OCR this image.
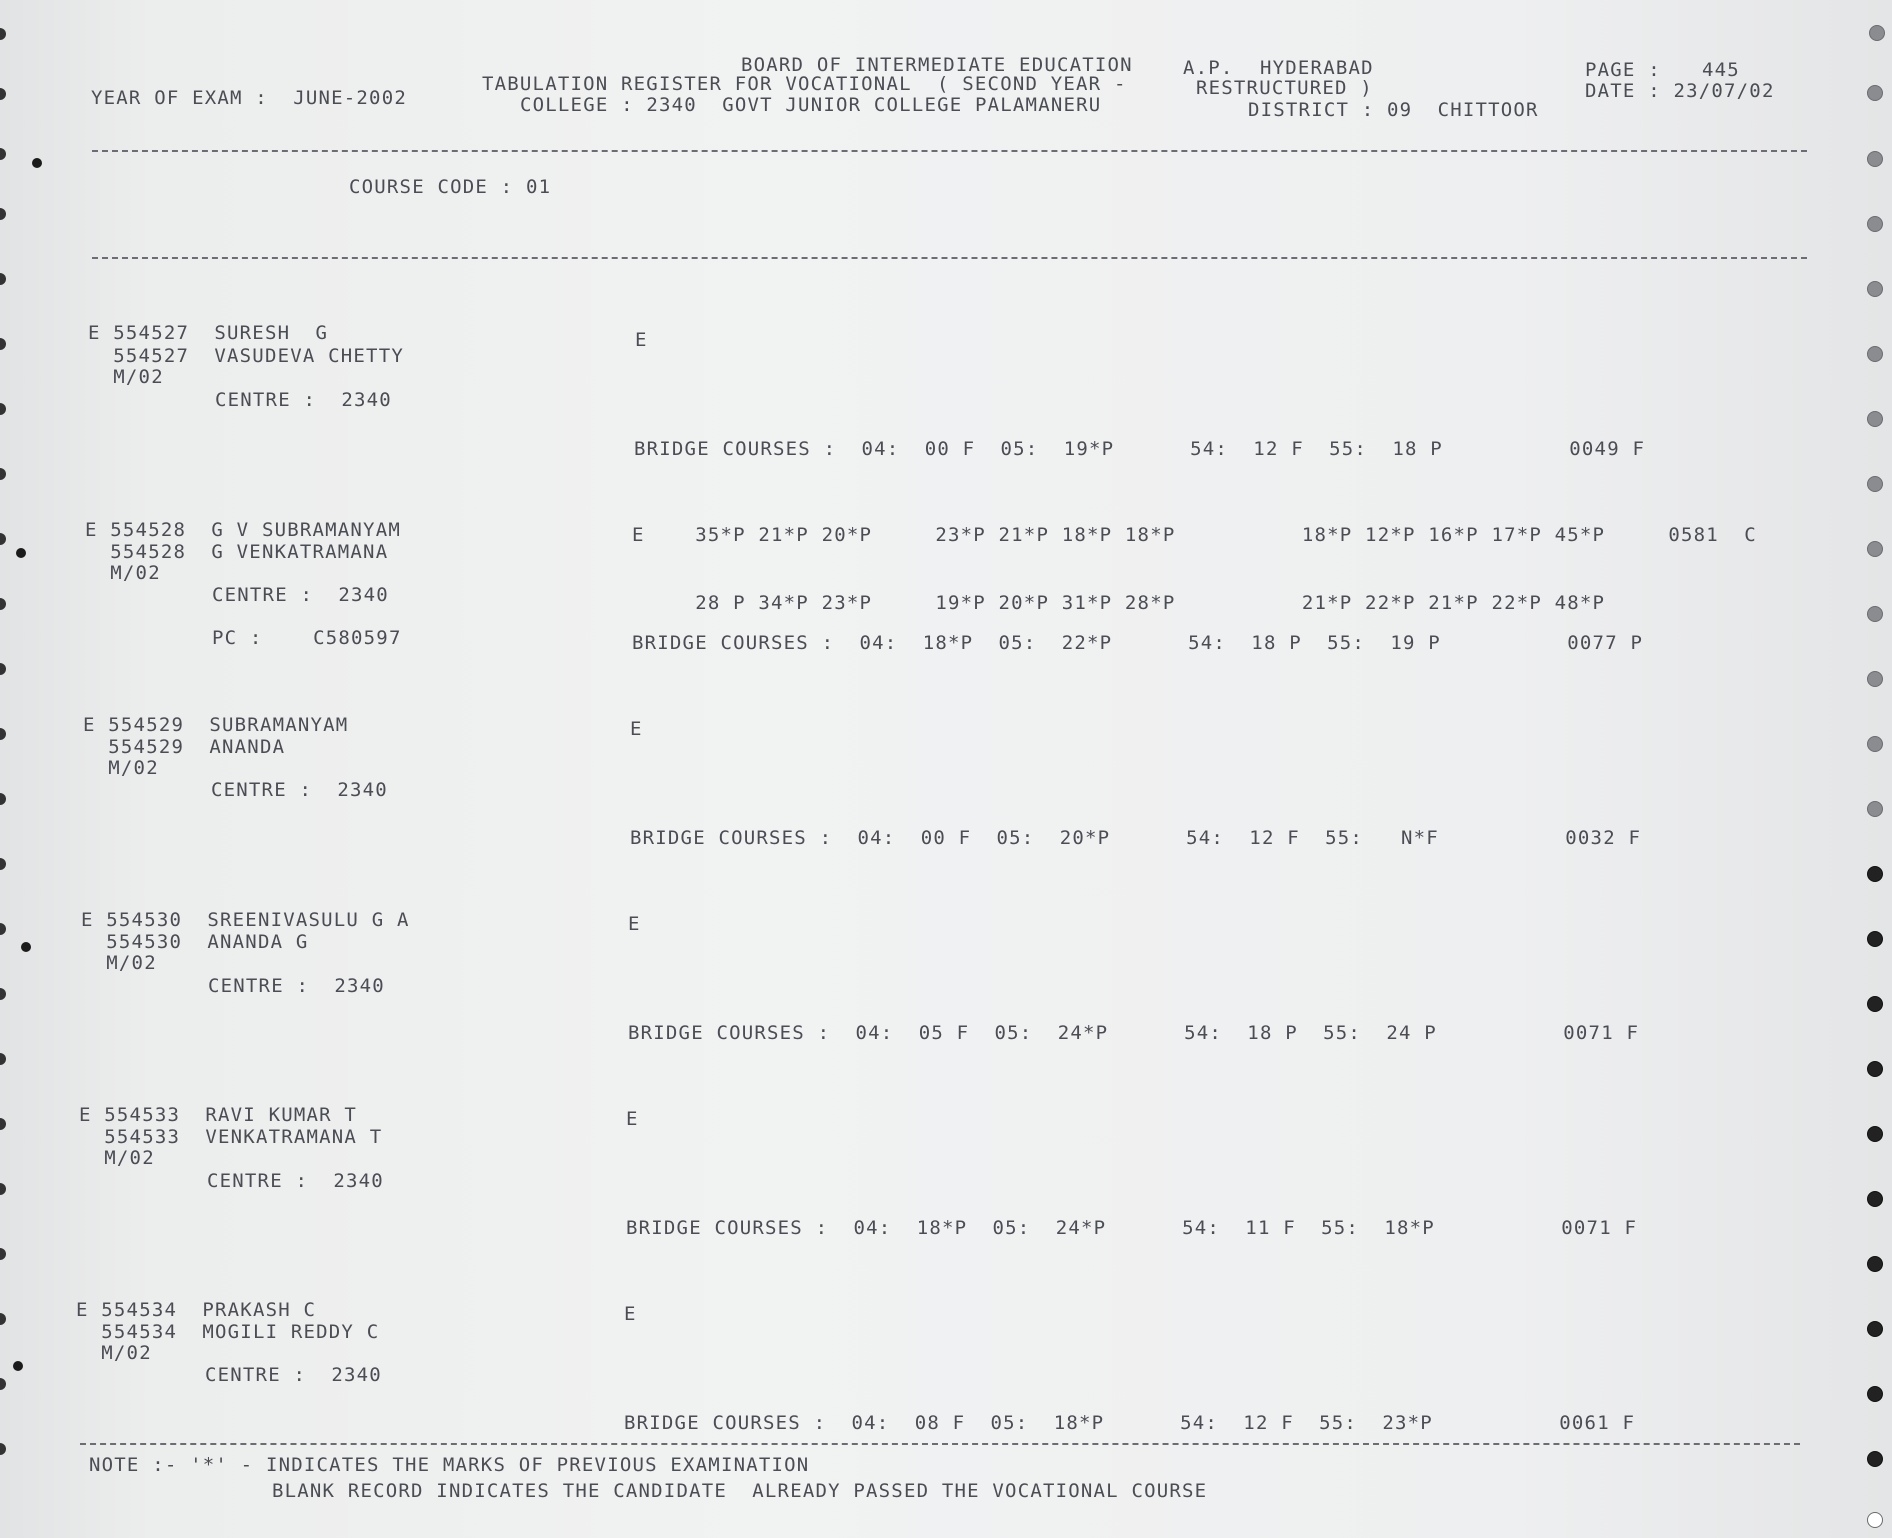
BOARD OF INTERMEDIATE EDUCATION	A.P. HYDERABAD
TABULATION REGISTER FOR VOCATIONAL  ( SECOND YEAR -	RESTRUCTURED )
YEAR OF EXAM :  JUNE-2002	COLLEGE : 2340  GOVT JUNIOR COLLEGE PALAMANERU	DISTRICT : 09  CHITTOOR
PAGE : 445
DATE : 23/07/02
COURSE CODE : 01
E 554527  SURESH  G
554527  VASUDEVA CHETTY
M/02
CENTRE :  2340
E
BRIDGE COURSES :  04:  00 F  05:  19*P      54:  12 F  55:  18 P          0049 F
E 554528  G V SUBRAMANYAM
554528  G VENKATRAMANA
M/02
CENTRE :  2340
PC :    C580597
E    35*P 21*P 20*P     23*P 21*P 18*P 18*P          18*P 12*P 16*P 17*P 45*P     0581  C
28 P 34*P 23*P     19*P 20*P 31*P 28*P          21*P 22*P 21*P 22*P 48*P
BRIDGE COURSES :  04:  18*P  05:  22*P      54:  18 P  55:  19 P          0077 P
E 554529  SUBRAMANYAM
554529  ANANDA
M/02
CENTRE :  2340
E
BRIDGE COURSES :  04:  00 F  05:  20*P      54:  12 F  55:   N*F          0032 F
E 554530  SREENIVASULU G A
554530  ANANDA G
M/02
CENTRE :  2340
E
BRIDGE COURSES :  04:  05 F  05:  24*P      54:  18 P  55:  24 P          0071 F
E 554533  RAVI KUMAR T
554533  VENKATRAMANA T
M/02
CENTRE :  2340
E
BRIDGE COURSES :  04:  18*P  05:  24*P      54:  11 F  55:  18*P          0071 F
E 554534  PRAKASH C
554534  MOGILI REDDY C
M/02
CENTRE :  2340
E
BRIDGE COURSES :  04:  08 F  05:  18*P      54:  12 F  55:  23*P          0061 F
NOTE :- '*' - INDICATES THE MARKS OF PREVIOUS EXAMINATION
BLANK RECORD INDICATES THE CANDIDATE  ALREADY PASSED THE VOCATIONAL COURSE
